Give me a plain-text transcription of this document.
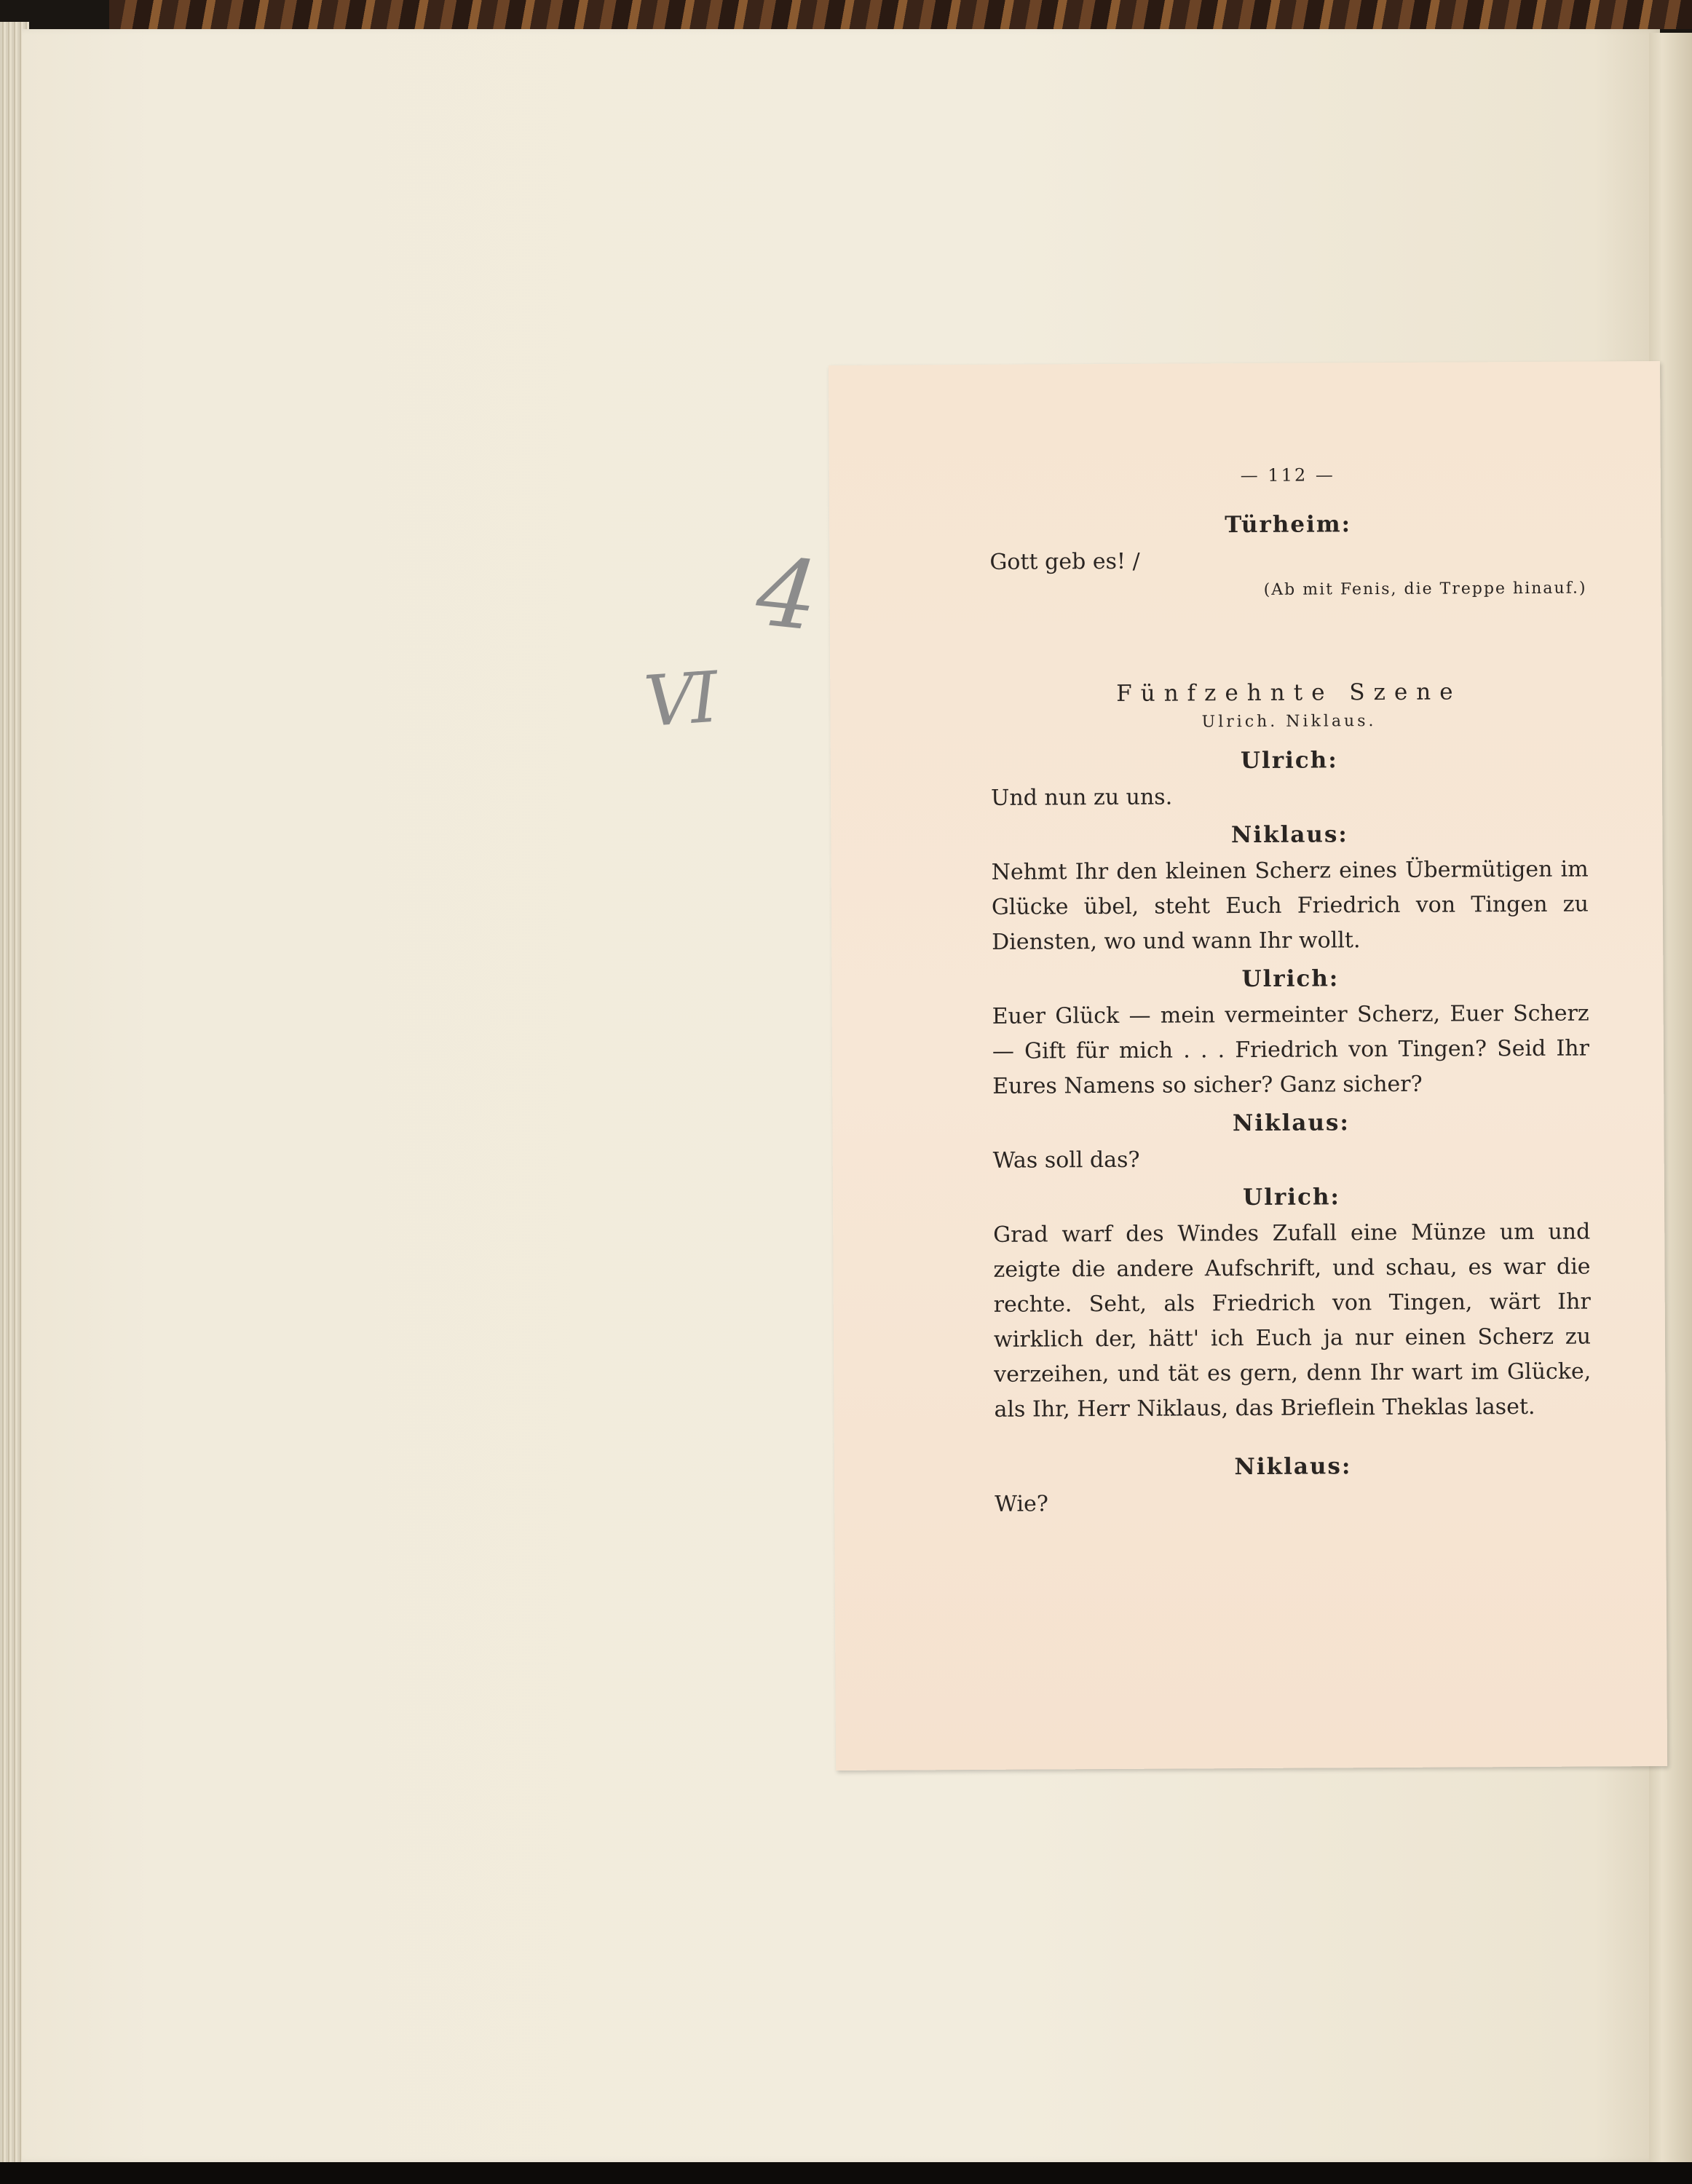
4
VI

— 112 —

Türheim:

Gott geb es! /

(Ab mit Fenis, die Treppe hinauf.)

Fünfzehnte Szene

Ulrich. Niklaus.

Ulrich:

Und nun zu uns.

Niklaus:

Nehmt Ihr den kleinen Scherz eines Übermütigen im Glücke übel, steht Euch Friedrich von Tingen zu Diensten, wo und wann Ihr wollt.

Ulrich:

Euer Glück — mein vermeinter Scherz, Euer Scherz — Gift für mich . . . Friedrich von Tingen? Seid Ihr Eures Namens so sicher? Ganz sicher?

Niklaus:

Was soll das?

Ulrich:

Grad warf des Windes Zufall eine Münze um und zeigte die andere Aufschrift, und schau, es war die rechte. Seht, als Friedrich von Tingen, wärt Ihr wirklich der, hätt' ich Euch ja nur einen Scherz zu verzeihen, und tät es gern, denn Ihr wart im Glücke, als Ihr, Herr Niklaus, das Brieflein Theklas laset.

Niklaus:

Wie?
